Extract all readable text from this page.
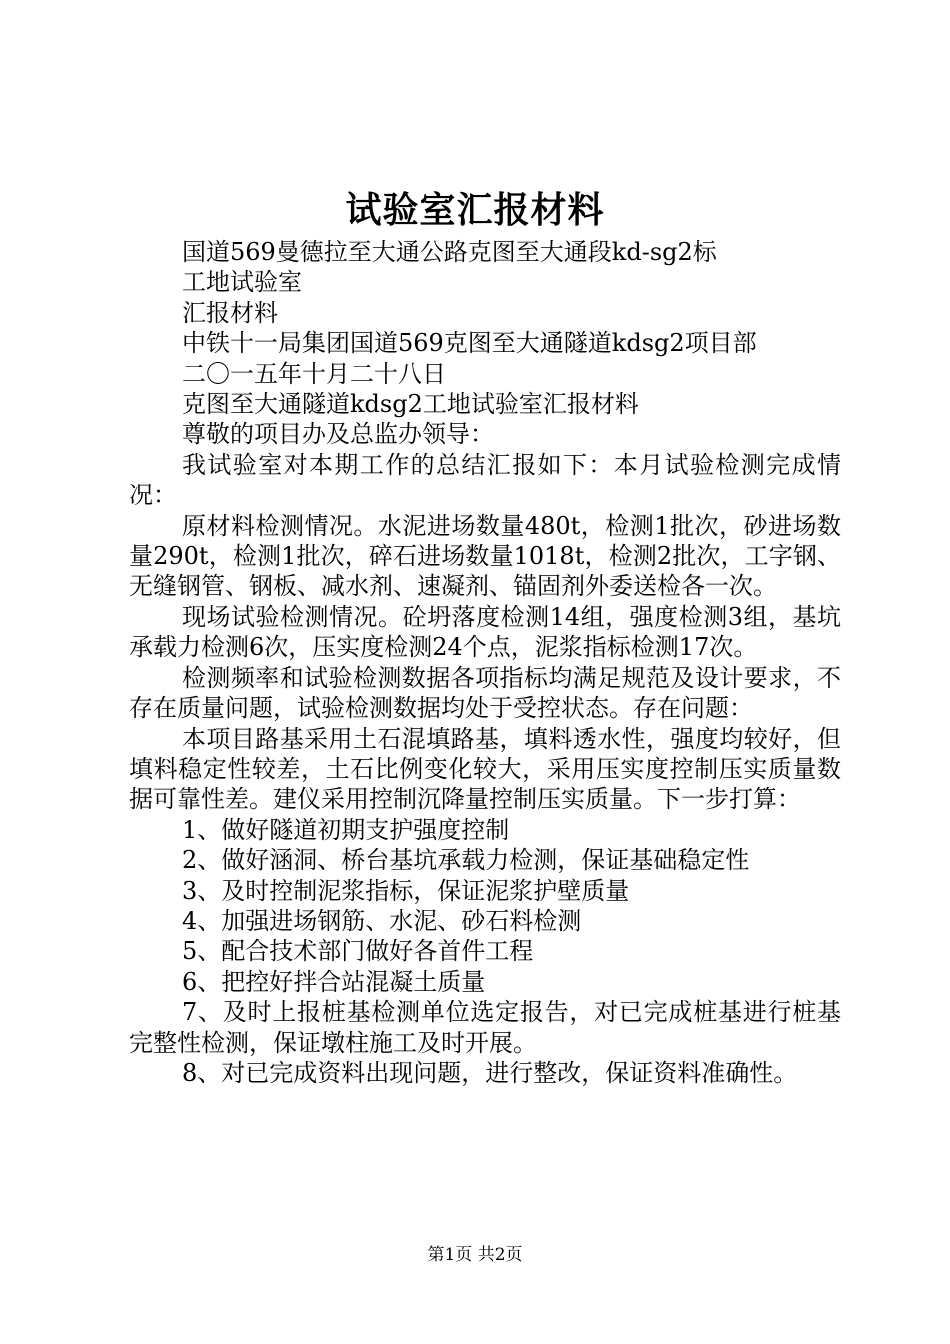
试验室汇报材料

国道569曼德拉至大通公路克图至大通段kd-sg2标

工地试验室

汇报材料

中铁十一局集团国道569克图至大通隧道kdsg2项目部

二〇一五年十月二十八日

克图至大通隧道kdsg2工地试验室汇报材料

尊敬的项目办及总监办领导：

我试验室对本期工作的总结汇报如下：本月试验检测完成情况：

原材料检测情况。水泥进场数量480t，检测1批次，砂进场数量290t，检测1批次，碎石进场数量1018t，检测2批次，工字钢、无缝钢管、钢板、减水剂、速凝剂、锚固剂外委送检各一次。

现场试验检测情况。砼坍落度检测14组，强度检测3组，基坑承载力检测6次，压实度检测24个点，泥浆指标检测17次。

检测频率和试验检测数据各项指标均满足规范及设计要求，不存在质量问题，试验检测数据均处于受控状态。存在问题：

本项目路基采用土石混填路基，填料透水性，强度均较好，但填料稳定性较差，土石比例变化较大，采用压实度控制压实质量数据可靠性差。建仪采用控制沉降量控制压实质量。下一步打算：

1、做好隧道初期支护强度控制

2、做好涵洞、桥台基坑承载力检测，保证基础稳定性

3、及时控制泥浆指标，保证泥浆护壁质量

4、加强进场钢筋、水泥、砂石料检测

5、配合技术部门做好各首件工程

6、把控好拌合站混凝土质量

7、及时上报桩基检测单位选定报告，对已完成桩基进行桩基完整性检测，保证墩柱施工及时开展。

8、对已完成资料出现问题，进行整改，保证资料准确性。

第1页 共2页
